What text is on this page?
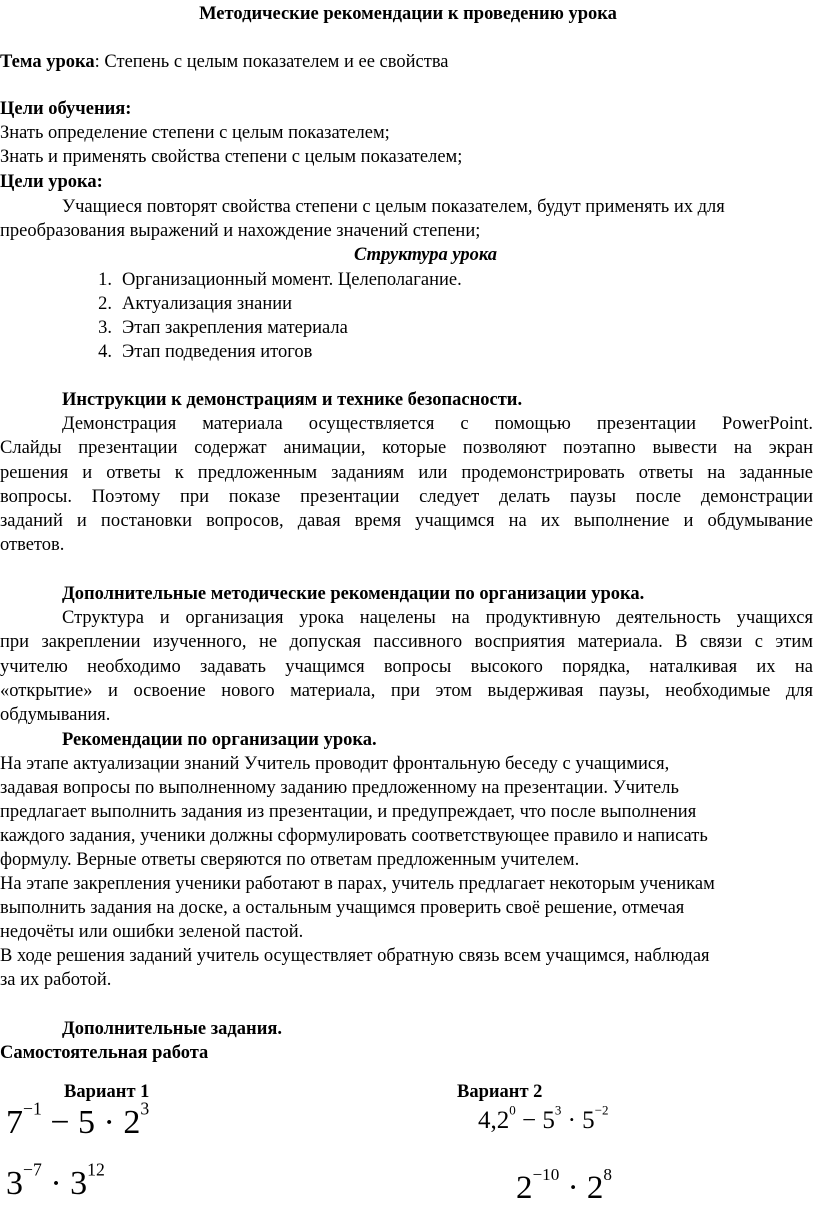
Методические рекомендации к проведению урока
Тема урока: Степень с целым показателем и ее свойства
Цели обучения:
Знать определение степени с целым показателем;
Знать и применять свойства степени с целым показателем;
Цели урока:
Учащиеся повторят свойства степени с целым показателем, будут применять их для
преобразования выражений и нахождение значений степени;
Структура урока
1. Организационный момент. Целеполагание.
2. Актуализация знании
3. Этап закрепления материала
4. Этап подведения итогов
Инструкции к демонстрациям и технике безопасности.

Демонстрация материала осуществляется с помощью презентации PowerPoint.

Слайды презентации содержат анимации, которые позволяют поэтапно вывести на экран

решения и ответы к предложенным заданиям или продемонстрировать ответы на заданные

вопросы. Поэтому при показе презентации следует делать паузы после демонстрации

заданий и постановки вопросов, давая время учащимся на их выполнение и обдумывание

ответов.

Дополнительные методические рекомендации по организации урока.

Структура и организация урока нацелены на продуктивную деятельность учащихся

при закреплении изученного, не допуская пассивного восприятия материала. В связи с этим

учителю необходимо задавать учащимся вопросы высокого порядка, наталкивая их на

«открытие» и освоение нового материала, при этом выдерживая паузы, необходимые для

обдумывания.

Рекомендации по организации урока.
На этапе актуализации знаний Учитель проводит фронтальную беседу с учащимися,
задавая вопросы по выполненному заданию предложенному на презентации. Учитель
предлагает выполнить задания из презентации, и предупреждает, что после выполнения
каждого задания, ученики должны сформулировать соответствующее правило и написать
формулу. Верные ответы сверяются по ответам предложенным учителем.
На этапе закрепления ученики работают в парах, учитель предлагает некоторым ученикам
выполнить задания на доске, а остальным учащимся проверить своё решение, отмечая
недочёты или ошибки зеленой пастой.
В ходе решения заданий учитель осуществляет обратную связь всем учащимся, наблюдая
за их работой.
Дополнительные задания.
Самостоятельная работа
Вариант 1	Вариант 2
$7^{-1} - 5 \cdot 2^3$
$3^{-7} \cdot 3^{12}$
$4,2^0 - 5^3 \cdot 5^{-2}$
$2^{-10} \cdot 2^8$
